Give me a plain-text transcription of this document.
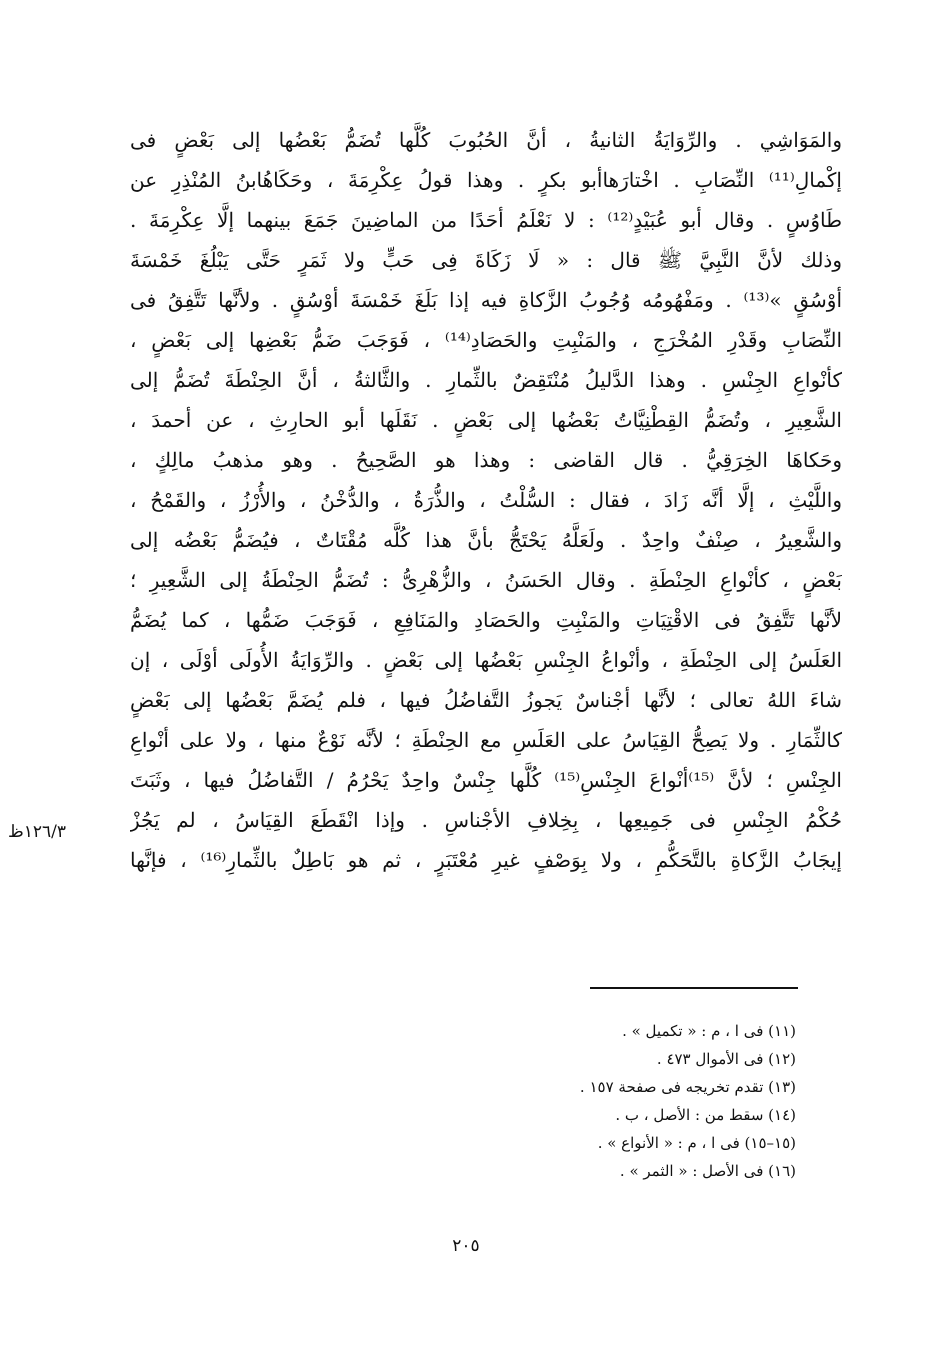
والمَوَاشِي . والرِّوَايَةُ الثانيةُ ، أنَّ الحُبُوبَ كُلَّها تُضَمُّ بَعْضُها إلى بَعْضٍ فى
إكْمالِ⁽¹¹⁾ النِّصَابِ . اخْتارَهاأبو بكرٍ . وهذا قولُ عِكْرِمَةَ ، وحَكَاهُابنُ المُنْذِرِ عن
طَاوُسٍ . وقال أبو عُبَيْدٍ⁽¹²⁾ : لا نَعْلَمُ أحَدًا من الماضِينَ جَمَعَ بينهما إلَّا عِكْرِمَةَ .
وذلك لأنَّ النَّبِيَّ ﷺ قال : « لَا زَكَاةَ فِى حَبٍّ ولا ثَمَرٍ حَتَّى يَبْلُغَ خَمْسَةَ
أوْسُقٍ »⁽¹³⁾ . ومَفْهُومُه وُجُوبُ الزَّكاةِ فيه إذا بَلَغَ خَمْسَةَ أوْسُقٍ . ولأنَّها تَتَّفِقُ فى
النِّصَابِ وقَدْرِ المُخْرَجِ ، والمَنْبِتِ والحَصَادِ⁽¹⁴⁾ ، فَوَجَبَ ضَمُّ بَعْضِها إلى بَعْضٍ ،
كأنْواعِ الجِنْسِ . وهذا الدَّليلُ مُنْتَقِضٌ بالثِّمارِ . والثَّالثةُ ، أنَّ الحِنْطَةَ تُضَمُّ إلى
الشَّعِيرِ ، وتُضَمُّ القِطْنِيَّاتُ بَعْضُها إلى بَعْضٍ . نَقَلَها أبو الحارِثِ ، عن أحمدَ ،
وحَكاهَا الخِرَقِيُّ . قال القاضى : وهذا هو الصَّحِيحُ . وهو مذهبُ مالِكٍ ،
واللَّيْثِ ، إلَّا أنَّه زَادَ ، فقال : السُّلْتُ ، والذُّرَةُ ، والدُّخْنُ ، والأُرْزُ ، والقَمْحُ ،
والشَّعِيرُ ، صِنْفٌ واحِدٌ . ولَعَلَّهُ يَحْتَجُّ بأنَّ هذا كُلَّه مُقْتَاتٌ ، فيُضَمُّ بَعْضُه إلى
بَعْضٍ ، كأنْواعِ الحِنْطَةِ . وقال الحَسَنُ ، والزُّهْرِىُّ : تُضَمُّ الحِنْطَةُ إلى الشَّعِيرِ ؛
لأنَّها تَتَّفِقُ فى الاقْتِيَاتِ والمَنْبِتِ والحَصَادِ والمَنَافِعِ ، فَوَجَبَ ضَمُّها ، كما يُضَمُّ
العَلَسُ إلى الحِنْطَةِ ، وأنْواعُ الجِنْسِ بَعْضُها إلى بَعْضٍ . والرِّوَايَةُ الأُولَى أوْلَى ، إن
شاءَ اللهُ تعالى ؛ لأنَّها أجْناسٌ يَجوزُ التَّفاضُلُ فيها ، فلم يُضَمَّ بَعْضُها إلى بَعْضٍ
كالثِّمَارِ . ولا يَصِحُّ القِيَاسُ على العَلَسِ مع الحِنْطَةِ ؛ لأنَّه نَوْعٌ منها ، ولا على أنْواعِ
الجِنْسِ ؛ لأنَّ ⁽¹⁵⁾أنْواعَ الجِنْسِ⁽¹⁵⁾ كُلَّها جِنْسٌ واحِدٌ يَحْرُمُ / التَّفاضُلُ فيها ، وثَبَتَ
حُكْمُ الجِنْسِ فى جَمِيعِها ، بِخِلافِ الأجْناسِ . وإذا انْقَطَعَ القِيَاسُ ، لم يَجُزْ
إيجَابُ الزَّكاةِ بالتَّحَكُّمِ ، ولا بِوَصْفٍ غيرِ مُعْتَبَرٍ ، ثم هو بَاطِلٌ بالثِّمارِ⁽¹⁶⁾ ، فإنَّها
١٢٦/٣ظ
(١١) فى ا ، م : « تكميل » .
(١٢) فى الأموال ٤٧٣ .
(١٣) تقدم تخريجه فى صفحة ١٥٧ .
(١٤) سقط من : الأصل ، ب .
(١٥–١٥) فى ا ، م : « الأنواع » .
(١٦) فى الأصل : « الثمر » .
٢٠٥
